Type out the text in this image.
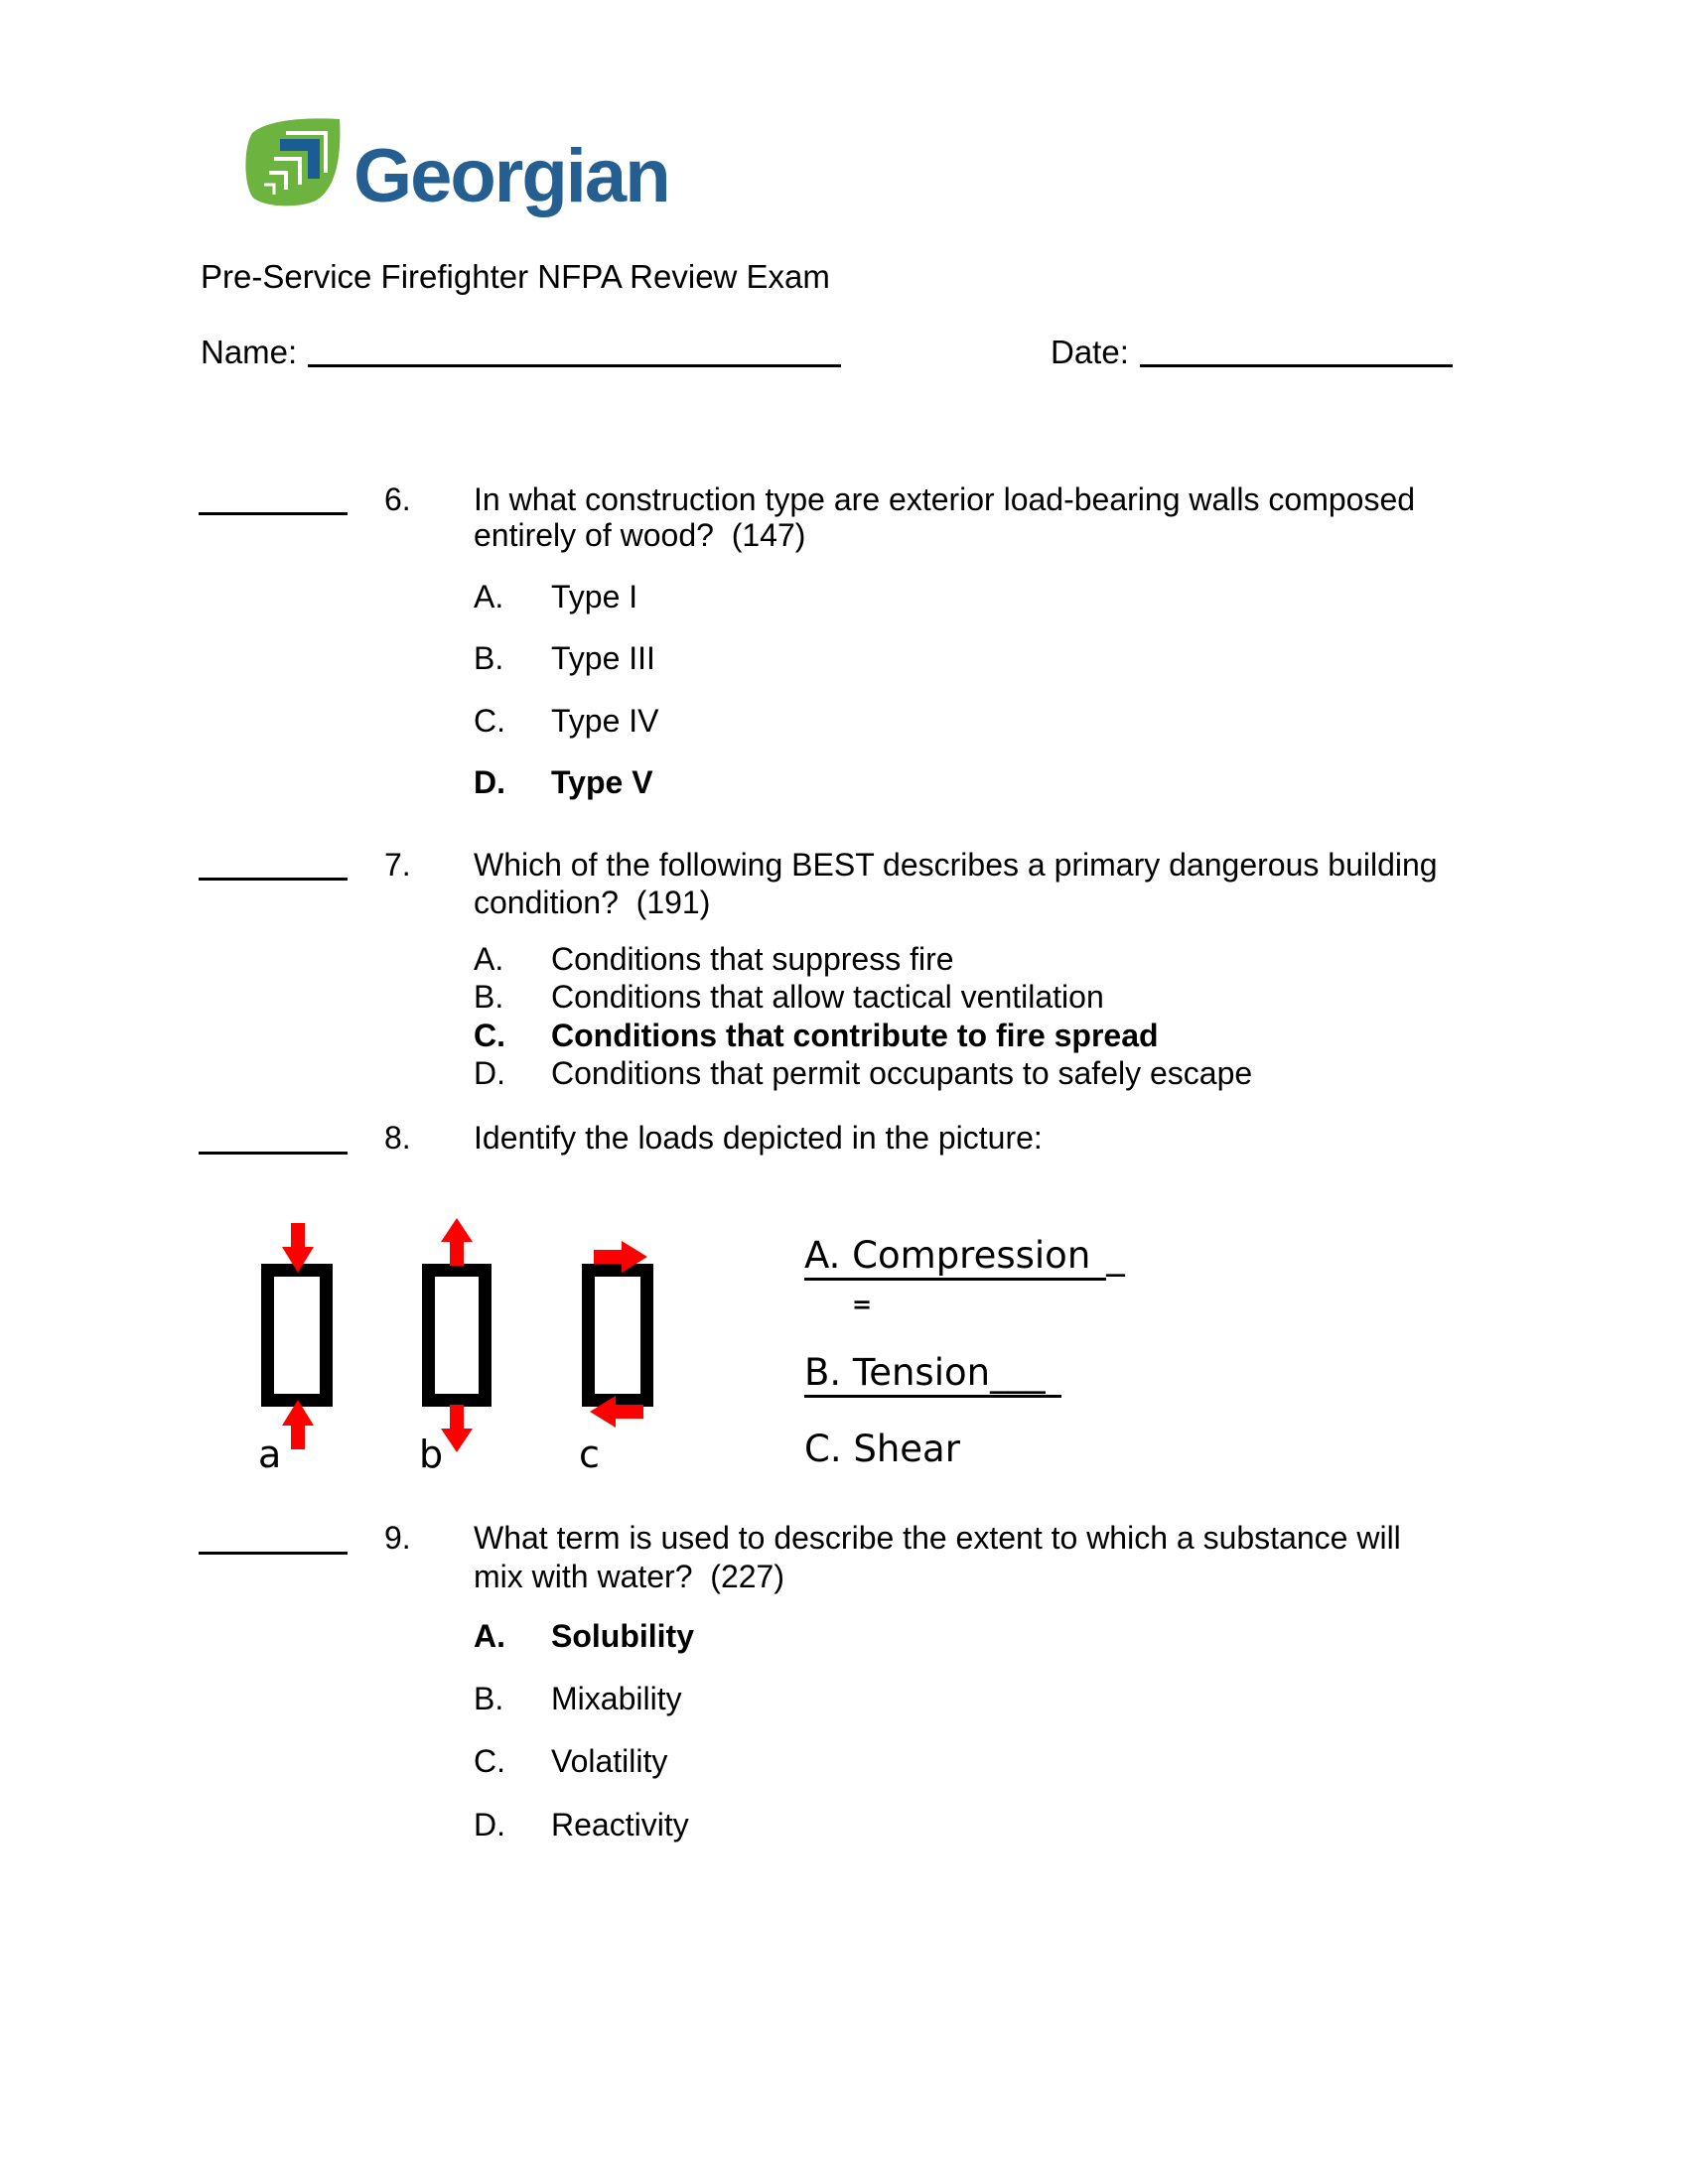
Georgian
Pre-Service Firefighter NFPA Review Exam
Name:	Date:
6. In what construction type are exterior load-bearing walls composed
entirely of wood?  (147)
A. Type I
B. Type III
C. Type IV
D. Type V
7. Which of the following BEST describes a primary dangerous building
condition?  (191)
A. Conditions that suppress fire
B. Conditions that allow tactical ventilation
C. Conditions that contribute to fire spread
D. Conditions that permit occupants to safely escape
8. Identify the loads depicted in the picture:
a	b	c
A. Compression _
=
B. Tension___
C. Shear
9. What term is used to describe the extent to which a substance will
mix with water?  (227)
A. Solubility
B. Mixability
C. Volatility
D. Reactivity
